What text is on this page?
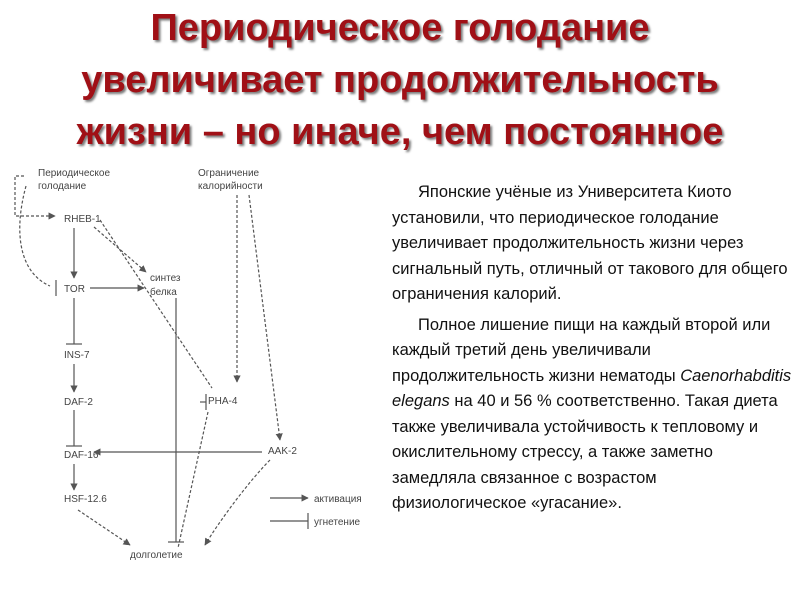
Периодическое голодание
увеличивает продолжительность
жизни – но иначе, чем постоянное
Периодическое
голодание
Ограничение
калорийности
RHEB-1
TOR
синтез
белка
INS-7
DAF-2	PHA-4
DAF-16	AAK-2
HSF-12.6
долголетие
активация
угнетение

Японские учёные из Университета Киото установили, что периодическое голодание увеличивает продолжительность жизни через сигнальный путь, отличный от такового для общего ограничения калорий.

Полное лишение пищи на каждый второй или каждый третий день увеличивали продолжительность жизни нематоды Caenorhabditis elegans на 40 и 56 % соответственно. Такая диета также увеличивала устойчивость к тепловому и окислительному стрессу, а также заметно замедляла связанное с возрастом физиологическое «угасание».
